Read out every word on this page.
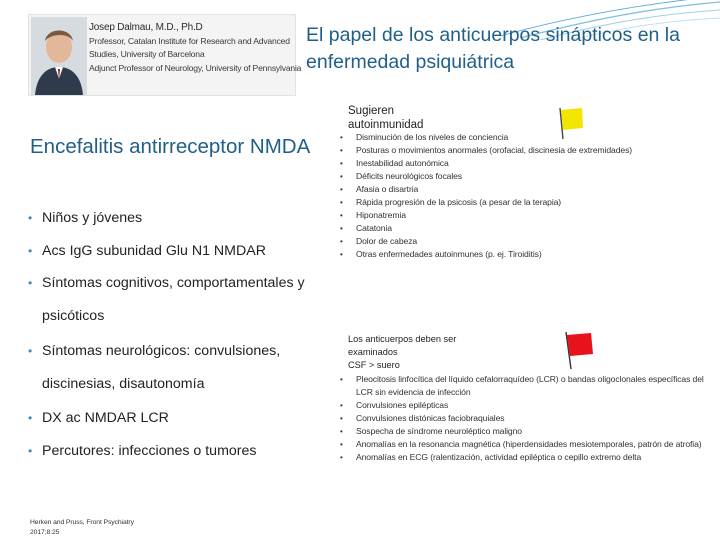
Josep Dalmau, M.D., Ph.D
Professor, Catalan Institute for Research and Advanced
Studies, University of Barcelona
Adjunct Professor of Neurology, University of Pennsylvania
El papel de los anticuerpos sinápticos en la enfermedad psiquiátrica
Encefalitis antirreceptor NMDA
• Niños y jóvenes
• Acs IgG subunidad Glu N1 NMDAR
• Síntomas cognitivos, comportamentales y psicóticos
• Síntomas neurológicos: convulsiones, discinesias, disautonomía
• DX ac NMDAR LCR
• Percutores: infecciones o tumores
Sugieren autoinmunidad
• Disminución de los niveles de conciencia
• Posturas o movimientos anormales (orofacial, discinesia de extremidades)
• Inestabilidad autonómica
• Déficits neurológicos focales
• Afasia o disartria
• Rápida progresión de la psicosis (a pesar de la terapia)
• Hiponatremia
• Catatonia
• Dolor de cabeza
• Otras enfermedades autoinmunes (p. ej. Tiroiditis)
Los anticuerpos deben ser examinados
CSF > suero
• Pleocitosis linfocítica del líquido cefalorraquídeo (LCR) o bandas oligoclonales específicas del LCR sin evidencia de infección
• Convulsiones epilépticas
• Convulsiones distónicas faciobraquiales
• Sospecha de síndrome neuroléptico maligno
• Anomalías en la resonancia magnética (hiperdensidades mesiotemporales, patrón de atrofia)
• Anomalías en ECG (ralentización, actividad epiléptica o cepillo extremo delta
Herken and Pruss, Front Psychiatry
2017;8:25
